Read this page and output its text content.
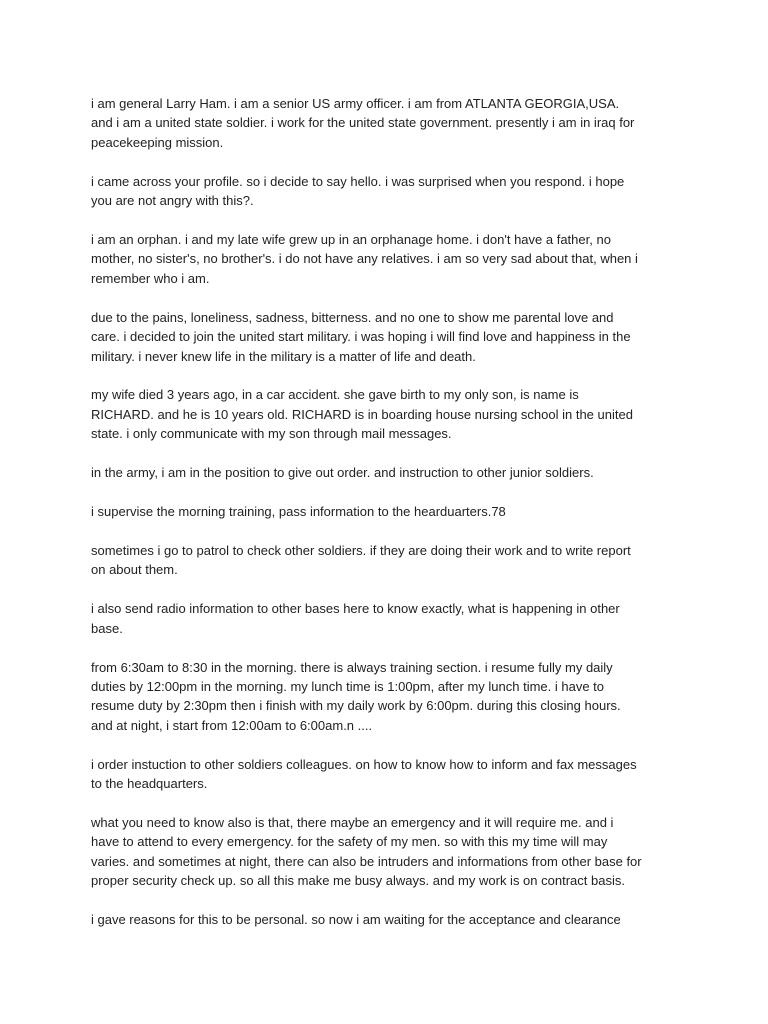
i am general Larry Ham. i am a senior US army officer. i am from ATLANTA GEORGIA,USA.
and i am a united state soldier. i work for the united state government. presently i am in iraq for
peacekeeping mission.

i came across your profile. so i decide to say hello. i was surprised when you respond. i hope
you are not angry with this?.

i am an orphan. i and my late wife grew up in an orphanage home. i don't have a father, no
mother, no sister's, no brother's. i do not have any relatives. i am so very sad about that, when i
remember who i am.

due to the pains, loneliness, sadness, bitterness. and no one to show me parental love and
care. i decided to join the united start military. i was hoping i will find love and happiness in the
military. i never knew life in the military is a matter of life and death.

my wife died 3 years ago, in a car accident. she gave birth to my only son, is name is
RICHARD. and he is 10 years old. RICHARD is in boarding house nursing school in the united
state. i only communicate with my son through mail messages.

in the army, i am in the position to give out order. and instruction to other junior soldiers.

i supervise the morning training, pass information to the hearduarters.78

sometimes i go to patrol to check other soldiers. if they are doing their work and to write report
on about them.

i also send radio information to other bases here to know exactly, what is happening in other
base.

from 6:30am to 8:30 in the morning. there is always training section. i resume fully my daily
duties by 12:00pm in the morning. my lunch time is 1:00pm, after my lunch time. i have to
resume duty by 2:30pm then i finish with my daily work by 6:00pm. during this closing hours.
and at night, i start from 12:00am to 6:00am.n ....

i order instuction to other soldiers colleagues. on how to know how to inform and fax messages
to the headquarters.

what you need to know also is that, there maybe an emergency and it will require me. and i
have to attend to every emergency. for the safety of my men. so with this my time will may
varies. and sometimes at night, there can also be intruders and informations from other base for
proper security check up. so all this make me busy always. and my work is on contract basis.

i gave reasons for this to be personal. so now i am waiting for the acceptance and clearance
